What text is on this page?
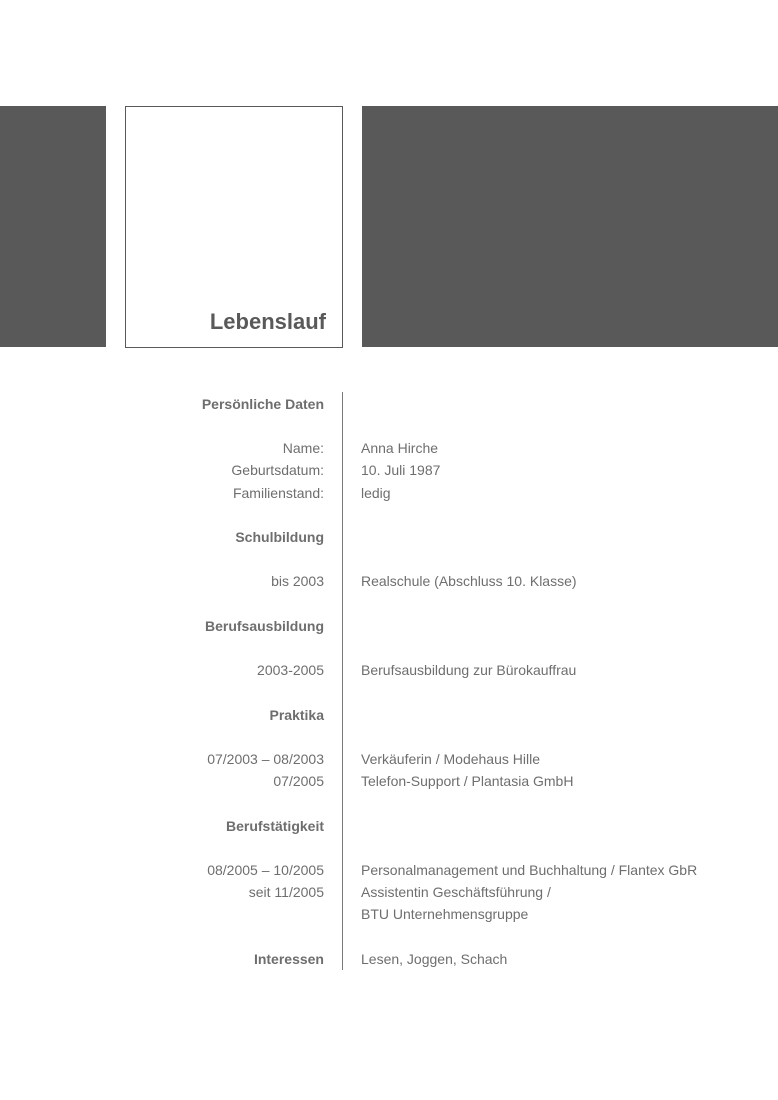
Lebenslauf
Persönliche Daten
Name:	Anna Hirche
Geburtsdatum:	10. Juli 1987
Familienstand:	ledig
Schulbildung
bis 2003	Realschule (Abschluss 10. Klasse)
Berufsausbildung
2003-2005	Berufsausbildung zur Bürokauffrau
Praktika
07/2003 – 08/2003	Verkäuferin / Modehaus Hille
07/2005	Telefon-Support / Plantasia GmbH
Berufstätigkeit
08/2005 – 10/2005	Personalmanagement und Buchhaltung / Flantex GbR
seit 11/2005	Assistentin Geschäftsführung /
BTU Unternehmensgruppe
Interessen	Lesen, Joggen, Schach
